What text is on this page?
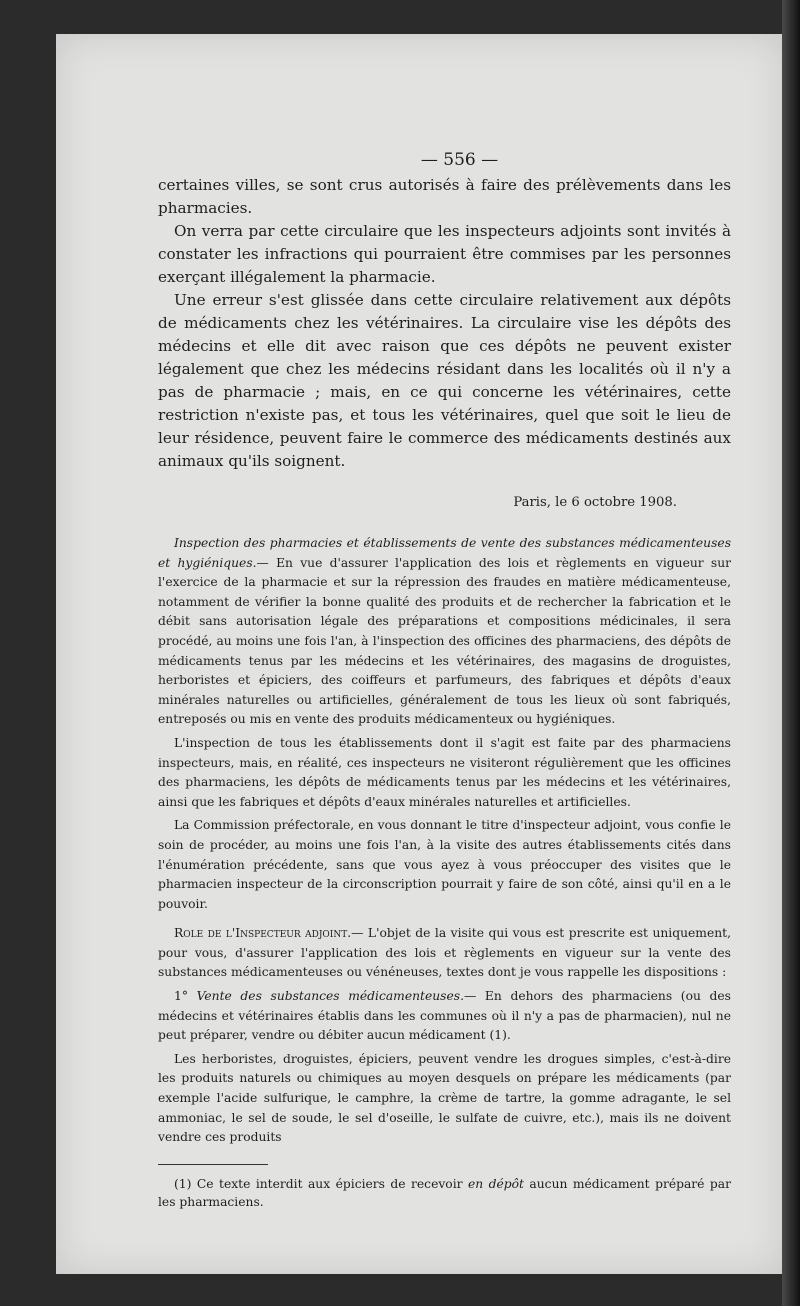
— 556 —

certaines villes, se sont crus autorisés à faire des prélèvements dans les pharmacies.

On verra par cette circulaire que les inspecteurs adjoints sont invités à constater les infractions qui pourraient être commises par les personnes exerçant illégalement la pharmacie.

Une erreur s'est glissée dans cette circulaire relativement aux dépôts de médicaments chez les vétérinaires. La circulaire vise les dépôts des médecins et elle dit avec raison que ces dépôts ne peuvent exister légalement que chez les médecins résidant dans les localités où il n'y a pas de pharmacie ; mais, en ce qui concerne les vétérinaires, cette restriction n'existe pas, et tous les vétérinaires, quel que soit le lieu de leur résidence, peuvent faire le commerce des médicaments destinés aux animaux qu'ils soignent.

Paris, le 6 octobre 1908.

Inspection des pharmacies et établissements de vente des substances médicamenteuses et hygiéniques.— En vue d'assurer l'application des lois et règlements en vigueur sur l'exercice de la pharmacie et sur la répression des fraudes en matière médicamenteuse, notamment de vérifier la bonne qualité des produits et de rechercher la fabrication et le débit sans autorisation légale des préparations et compositions médicinales, il sera procédé, au moins une fois l'an, à l'inspection des officines des pharmaciens, des dépôts de médicaments tenus par les médecins et les vétérinaires, des magasins de droguistes, herboristes et épiciers, des coiffeurs et parfumeurs, des fabriques et dépôts d'eaux minérales naturelles ou artificielles, généralement de tous les lieux où sont fabriqués, entreposés ou mis en vente des produits médicamenteux ou hygiéniques.

L'inspection de tous les établissements dont il s'agit est faite par des pharmaciens inspecteurs, mais, en réalité, ces inspecteurs ne visiteront régulièrement que les officines des pharmaciens, les dépôts de médicaments tenus par les médecins et les vétérinaires, ainsi que les fabriques et dépôts d'eaux minérales naturelles et artificielles.

La Commission préfectorale, en vous donnant le titre d'inspecteur adjoint, vous confie le soin de procéder, au moins une fois l'an, à la visite des autres établissements cités dans l'énumération précédente, sans que vous ayez à vous préoccuper des visites que le pharmacien inspecteur de la circonscription pourrait y faire de son côté, ainsi qu'il en a le pouvoir.

Role de l'Inspecteur adjoint.— L'objet de la visite qui vous est prescrite est uniquement, pour vous, d'assurer l'application des lois et règlements en vigueur sur la vente des substances médicamenteuses ou vénéneuses, textes dont je vous rappelle les dispositions :

1° Vente des substances médicamenteuses.— En dehors des pharmaciens (ou des médecins et vétérinaires établis dans les communes où il n'y a pas de pharmacien), nul ne peut préparer, vendre ou débiter aucun médicament (1).

Les herboristes, droguistes, épiciers, peuvent vendre les drogues simples, c'est-à-dire les produits naturels ou chimiques au moyen desquels on prépare les médicaments (par exemple l'acide sulfurique, le camphre, la crème de tartre, la gomme adragante, le sel ammoniac, le sel de soude, le sel d'oseille, le sulfate de cuivre, etc.), mais ils ne doivent vendre ces produits

(1) Ce texte interdit aux épiciers de recevoir en dépôt aucun médicament préparé par les pharmaciens.
